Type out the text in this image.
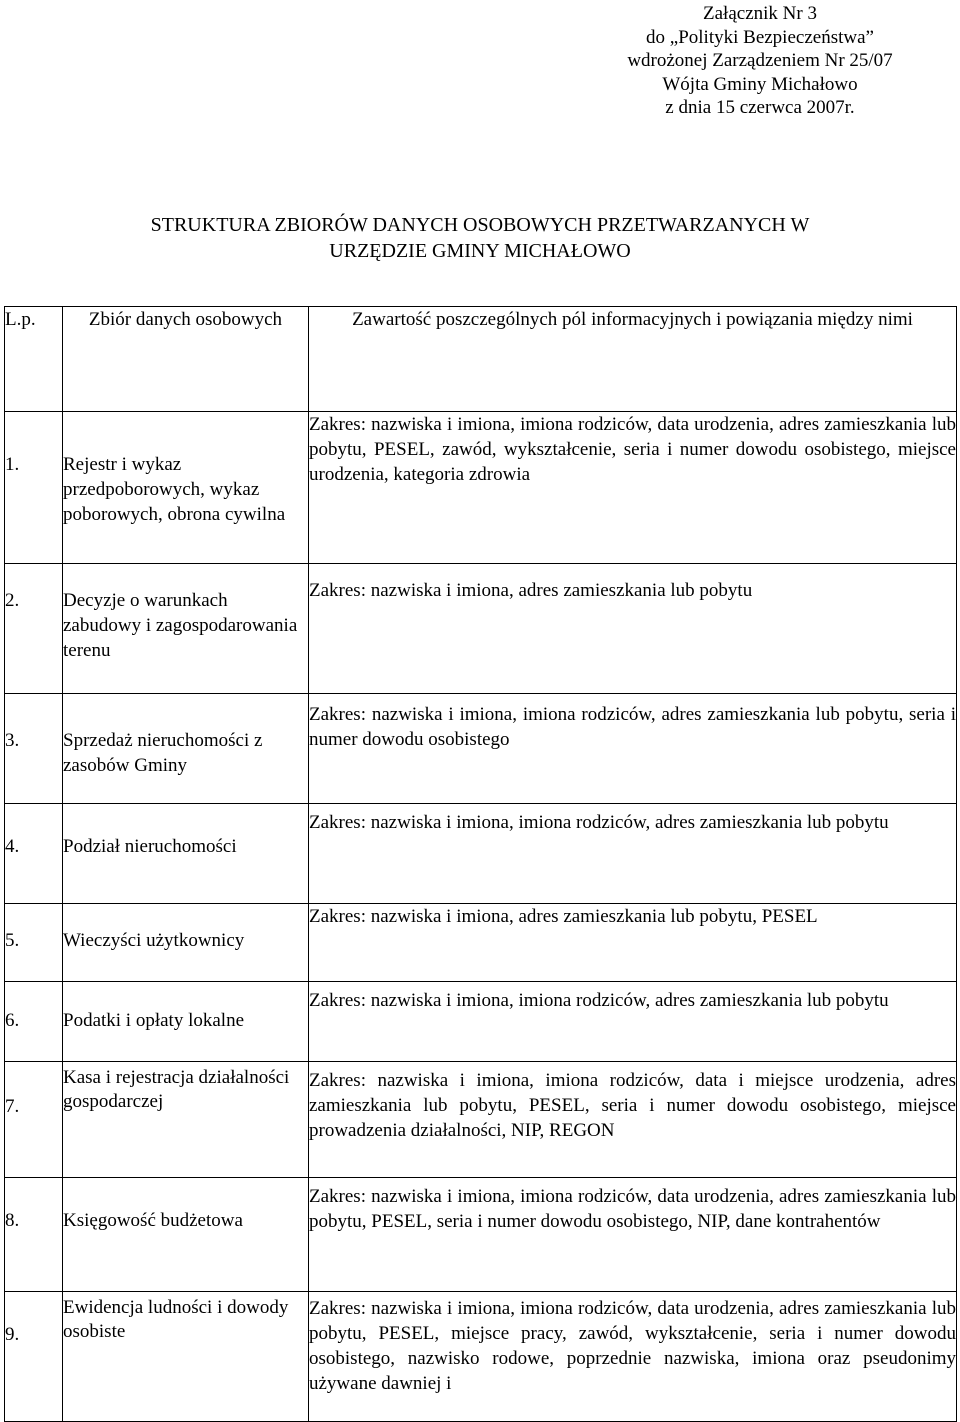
Załącznik Nr 3
do „Polityki Bezpieczeństwa”
wdrożonej Zarządzeniem Nr 25/07
Wójta Gminy Michałowo
z dnia 15 czerwca 2007r.
STRUKTURA ZBIORÓW DANYCH OSOBOWYCH PRZETWARZANYCH W
URZĘDZIE GMINY MICHAŁOWO
L.p.	Zbiór danych osobowych	Zawartość poszczególnych pól informacyjnych i powiązania między nimi
1.	Rejestr i wykaz przedpoborowych, wykaz poborowych, obrona cywilna	Zakres: nazwiska i imiona, imiona rodziców, data urodzenia, adres zamieszkania lub pobytu, PESEL, zawód, wykształcenie, seria i numer dowodu osobistego, miejsce urodzenia, kategoria zdrowia
2.	Decyzje o warunkach zabudowy i zagospodarowania terenu	Zakres: nazwiska i imiona, adres zamieszkania lub pobytu
3.	Sprzedaż nieruchomości z zasobów Gminy	Zakres: nazwiska i imiona, imiona rodziców, adres zamieszkania lub pobytu, seria i numer dowodu osobistego
4.	Podział nieruchomości	Zakres: nazwiska i imiona, imiona rodziców, adres zamieszkania lub pobytu
5.	Wieczyści użytkownicy	Zakres: nazwiska i imiona, adres zamieszkania lub pobytu, PESEL
6.	Podatki i opłaty lokalne	Zakres: nazwiska i imiona, imiona rodziców, adres zamieszkania lub pobytu
7.	Kasa i rejestracja działalności gospodarczej	Zakres: nazwiska i imiona, imiona rodziców, data i miejsce urodzenia, adres zamieszkania lub pobytu, PESEL, seria i numer dowodu osobistego, miejsce prowadzenia działalności, NIP, REGON
8.	Księgowość budżetowa	Zakres: nazwiska i imiona, imiona rodziców, data urodzenia, adres zamieszkania lub pobytu, PESEL, seria i numer dowodu osobistego, NIP, dane kontrahentów
9.	Ewidencja ludności i dowody osobiste	Zakres: nazwiska i imiona, imiona rodziców, data urodzenia, adres zamieszkania lub pobytu, PESEL, miejsce pracy, zawód, wykształcenie, seria i numer dowodu osobistego, nazwisko rodowe, poprzednie nazwiska, imiona oraz pseudonimy używane dawniej i
